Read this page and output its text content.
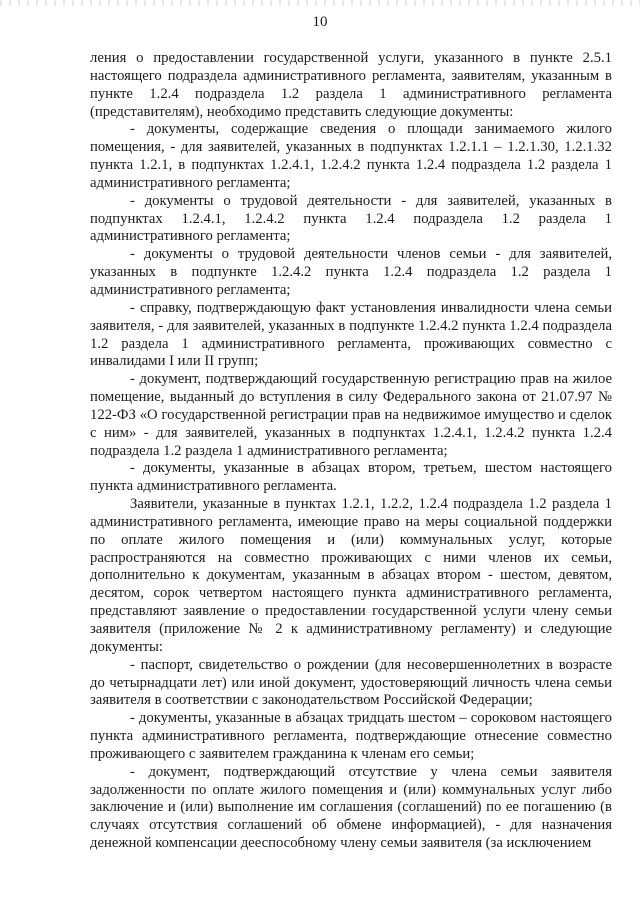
10

ления о предоставлении государственной услуги, указанного в пункте 2.5.1 настоящего подраздела административного регламента, заявителям, указанным в пункте 1.2.4 подраздела 1.2 раздела 1 административного регламента (представителям), необходимо представить следующие документы:

- документы, содержащие сведения о площади занимаемого жилого помещения, - для заявителей, указанных в подпунктах 1.2.1.1 – 1.2.1.30, 1.2.1.32 пункта 1.2.1, в подпунктах 1.2.4.1, 1.2.4.2 пункта 1.2.4 подраздела 1.2 раздела 1 административного регламента;

- документы о трудовой деятельности - для заявителей, указанных в подпунктах 1.2.4.1, 1.2.4.2 пункта 1.2.4 подраздела 1.2 раздела 1 административного регламента;

- документы о трудовой деятельности членов семьи - для заявителей, указанных в подпункте 1.2.4.2 пункта 1.2.4 подраздела 1.2 раздела 1 административного регламента;

- справку, подтверждающую факт установления инвалидности члена семьи заявителя, - для заявителей, указанных в подпункте 1.2.4.2 пункта 1.2.4 подраздела 1.2 раздела 1 административного регламента, проживающих совместно с инвалидами I или II групп;

- документ, подтверждающий государственную регистрацию прав на жилое помещение, выданный до вступления в силу Федерального закона от 21.07.97 № 122-ФЗ «О государственной регистрации прав на недвижимое имущество и сделок с ним» - для заявителей, указанных в подпунктах 1.2.4.1, 1.2.4.2 пункта 1.2.4 подраздела 1.2 раздела 1 административного регламента;

- документы, указанные в абзацах втором, третьем, шестом настоящего пункта административного регламента.

Заявители, указанные в пунктах 1.2.1, 1.2.2, 1.2.4 подраздела 1.2 раздела 1 административного регламента, имеющие право на меры социальной поддержки по оплате жилого помещения и (или) коммунальных услуг, которые распространяются на совместно проживающих с ними членов их семьи, дополнительно к документам, указанным в абзацах втором - шестом, девятом, десятом, сорок четвертом настоящего пункта административного регламента, представляют заявление о предоставлении государственной услуги члену семьи заявителя (приложение № 2 к административному регламенту) и следующие документы:

- паспорт, свидетельство о рождении (для несовершеннолетних в возрасте до четырнадцати лет) или иной документ, удостоверяющий личность члена семьи заявителя в соответствии с законодательством Российской Федерации;

- документы, указанные в абзацах тридцать шестом – сороковом настоящего пункта административного регламента, подтверждающие отнесение совместно проживающего с заявителем гражданина к членам его семьи;

- документ, подтверждающий отсутствие у члена семьи заявителя задолженности по оплате жилого помещения и (или) коммунальных услуг либо заключение и (или) выполнение им соглашения (соглашений) по ее погашению (в случаях отсутствия соглашений об обмене информацией), - для назначения денежной компенсации дееспособному члену семьи заявителя (за исключением
